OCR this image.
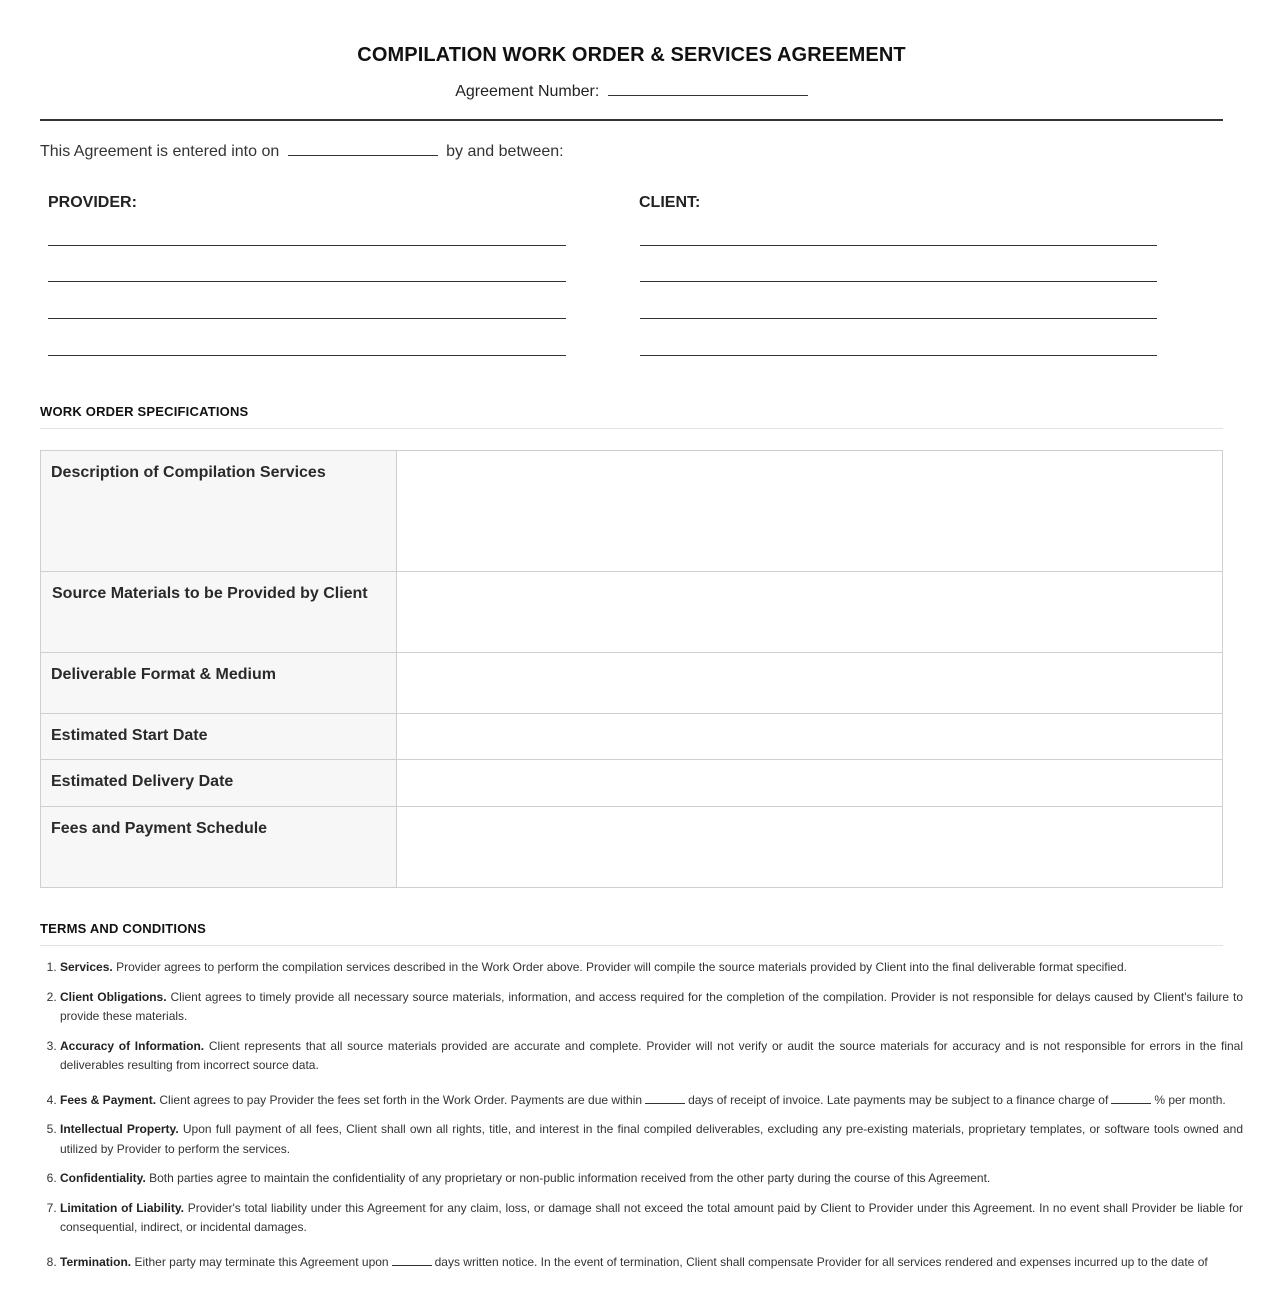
COMPILATION WORK ORDER & SERVICES AGREEMENT
Agreement Number:
This Agreement is entered into on	by and between:
PROVIDER:	CLIENT:
WORK ORDER SPECIFICATIONS
Description of Compilation Services	
Source Materials to be Provided by Client	
Deliverable Format & Medium	
Estimated Start Date	
Estimated Delivery Date	
Fees and Payment Schedule	
TERMS AND CONDITIONS
1. Services. Provider agrees to perform the compilation services described in the Work Order above. Provider will compile the source materials provided by Client into the final deliverable format specified.
2. Client Obligations. Client agrees to timely provide all necessary source materials, information, and access required for the completion of the compilation. Provider is not responsible for delays caused by Client's failure to provide these materials.
3. Accuracy of Information. Client represents that all source materials provided are accurate and complete. Provider will not verify or audit the source materials for accuracy and is not responsible for errors in the final deliverables resulting from incorrect source data.
4. Fees & Payment. Client agrees to pay Provider the fees set forth in the Work Order. Payments are due within	days of receipt of invoice. Late payments may be subject to a finance charge of	% per month.
5. Intellectual Property. Upon full payment of all fees, Client shall own all rights, title, and interest in the final compiled deliverables, excluding any pre-existing materials, proprietary templates, or software tools owned and utilized by Provider to perform the services.
6. Confidentiality. Both parties agree to maintain the confidentiality of any proprietary or non-public information received from the other party during the course of this Agreement.
7. Limitation of Liability. Provider's total liability under this Agreement for any claim, loss, or damage shall not exceed the total amount paid by Client to Provider under this Agreement. In no event shall Provider be liable for consequential, indirect, or incidental damages.
8. Termination. Either party may terminate this Agreement upon	days written notice. In the event of termination, Client shall compensate Provider for all services rendered and expenses incurred up to the date of
